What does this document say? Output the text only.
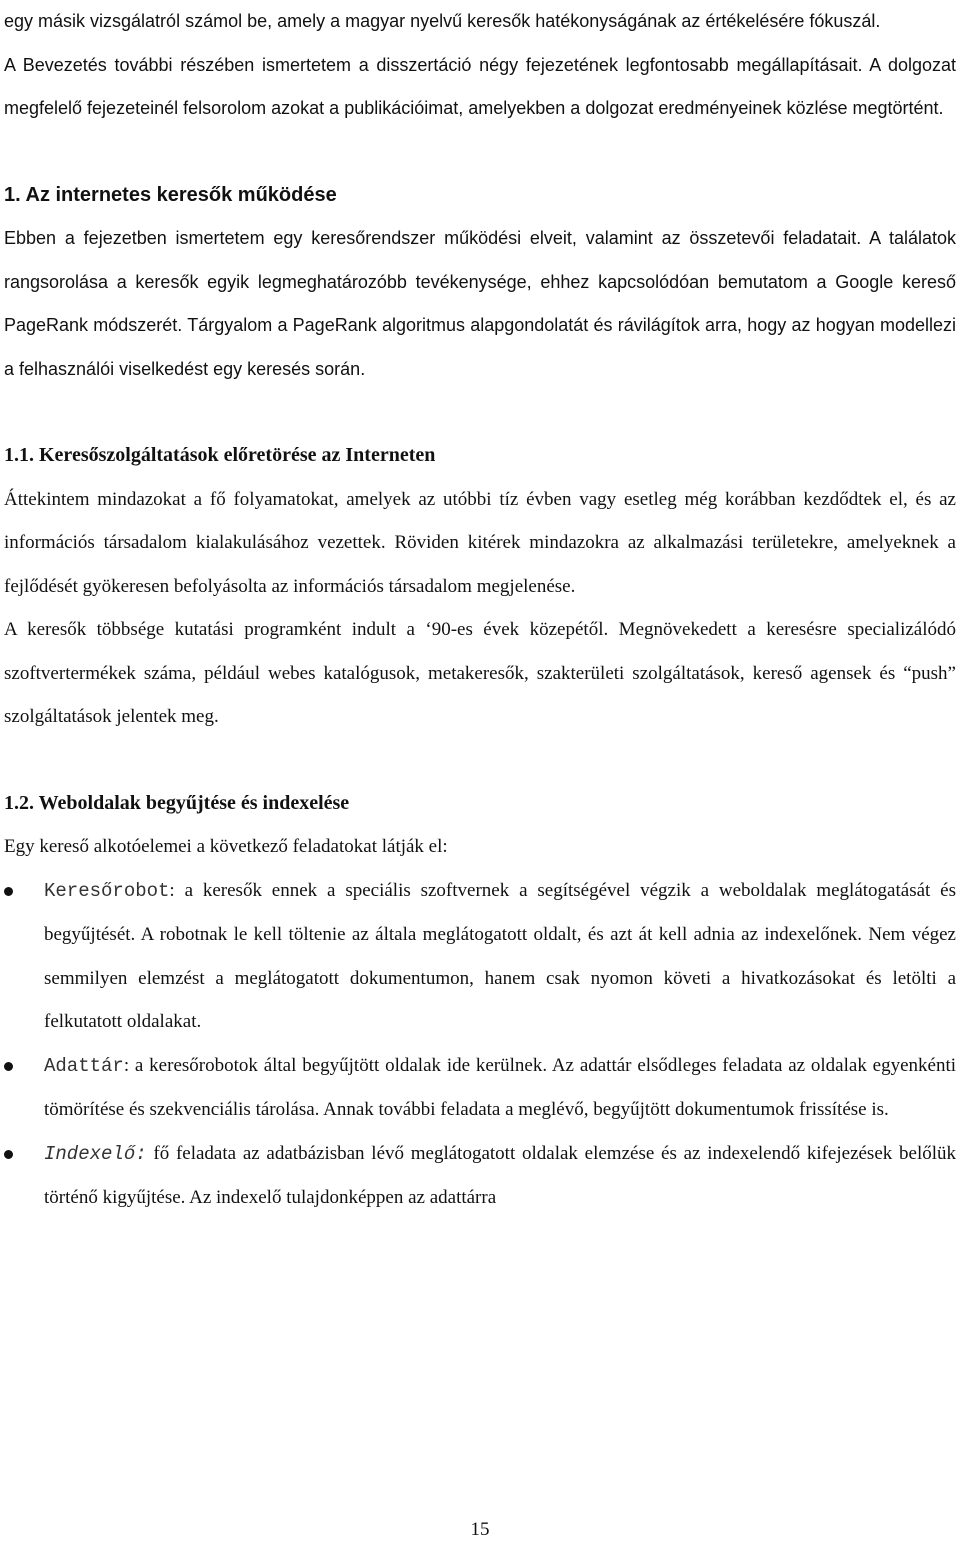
egy másik vizsgálatról számol be, amely a magyar nyelvű keresők hatékonyságának az értékelésére fókuszál.

A Bevezetés további részében ismertetem a disszertáció négy fejezetének legfontosabb megállapításait. A dolgozat megfelelő fejezeteinél felsorolom azokat a publikációimat, amelyekben a dolgozat eredményeinek közlése megtörtént.

1. Az internetes keresők működése

Ebben a fejezetben ismertetem egy keresőrendszer működési elveit, valamint az összetevői feladatait. A találatok rangsorolása a keresők egyik legmeghatározóbb tevékenysége, ehhez kapcsolódóan bemutatom a Google kereső PageRank módszerét. Tárgyalom a PageRank algoritmus alapgondolatát és rávilágítok arra, hogy az hogyan modellezi a felhasználói viselkedést egy keresés során.

1.1. Keresőszolgáltatások előretörése az Interneten

Áttekintem mindazokat a fő folyamatokat, amelyek az utóbbi tíz évben vagy esetleg még korábban kezdődtek el, és az információs társadalom kialakulásához vezettek. Röviden kitérek mindazokra az alkalmazási területekre, amelyeknek a fejlődését gyökeresen befolyásolta az információs társadalom megjelenése.

A keresők többsége kutatási programként indult a ‘90-es évek közepétől. Megnövekedett a keresésre specializálódó szoftvertermékek száma, például webes katalógusok, metakeresők, szakterületi szolgáltatások, kereső agensek és “push” szolgáltatások jelentek meg.

1.2. Weboldalak begyűjtése és indexelése

Egy kereső alkotóelemei a következő feladatokat látják el:

Keresőrobot: a keresők ennek a speciális szoftvernek a segítségével végzik a weboldalak meglátogatását és begyűjtését. A robotnak le kell töltenie az általa meglátogatott oldalt, és azt át kell adnia az indexelőnek. Nem végez semmilyen elemzést a meglátogatott dokumentumon, hanem csak nyomon követi a hivatkozásokat és letölti a felkutatott oldalakat.
Adattár: a keresőrobotok által begyűjtött oldalak ide kerülnek. Az adattár elsődleges feladata az oldalak egyenkénti tömörítése és szekvenciális tárolása. Annak további feladata a meglévő, begyűjtött dokumentumok frissítése is.
Indexelő: fő feladata az adatbázisban lévő meglátogatott oldalak elemzése és az indexelendő kifejezések belőlük történő kigyűjtése. Az indexelő tulajdonképpen az adattárra
15
